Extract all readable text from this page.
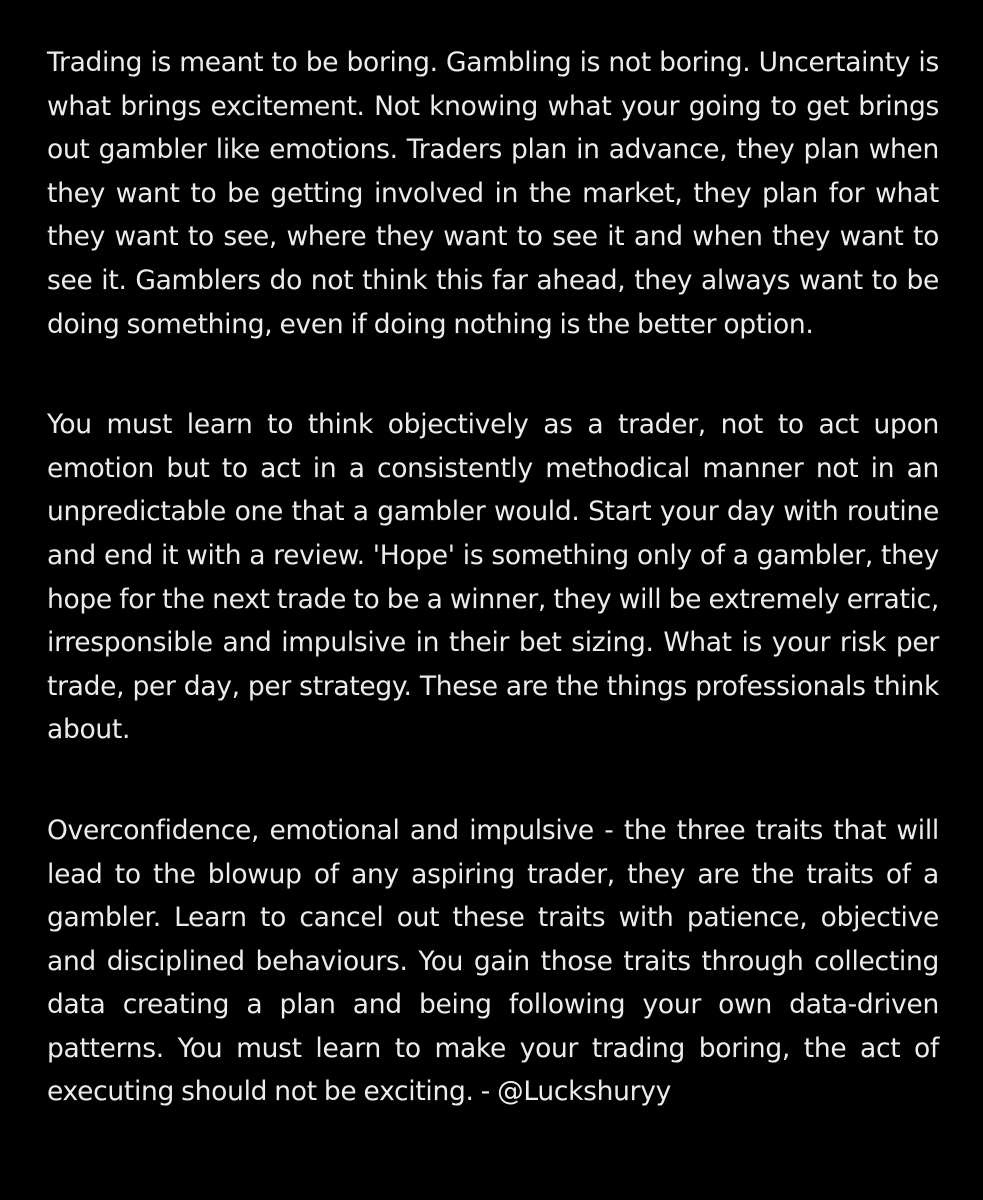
Trading is meant to be boring. Gambling is not boring. Uncertainty is what brings excitement. Not knowing what your going to get brings out gambler like emotions. Traders plan in advance, they plan when they want to be getting involved in the market, they plan for what they want to see, where they want to see it and when they want to see it. Gamblers do not think this far ahead, they always want to be doing something, even if doing nothing is the better option.

You must learn to think objectively as a trader, not to act upon emotion but to act in a consistently methodical manner not in an unpredictable one that a gambler would. Start your day with routine and end it with a review. 'Hope' is something only of a gambler, they hope for the next trade to be a winner, they will be extremely erratic, irresponsible and impulsive in their bet sizing. What is your risk per trade, per day, per strategy. These are the things professionals think about.

Overconfidence, emotional and impulsive - the three traits that will lead to the blowup of any aspiring trader, they are the traits of a gambler. Learn to cancel out these traits with patience, objective and disciplined behaviours. You gain those traits through collecting data creating a plan and being following your own data-driven patterns. You must learn to make your trading boring, the act of executing should not be exciting. - @Luckshuryy
